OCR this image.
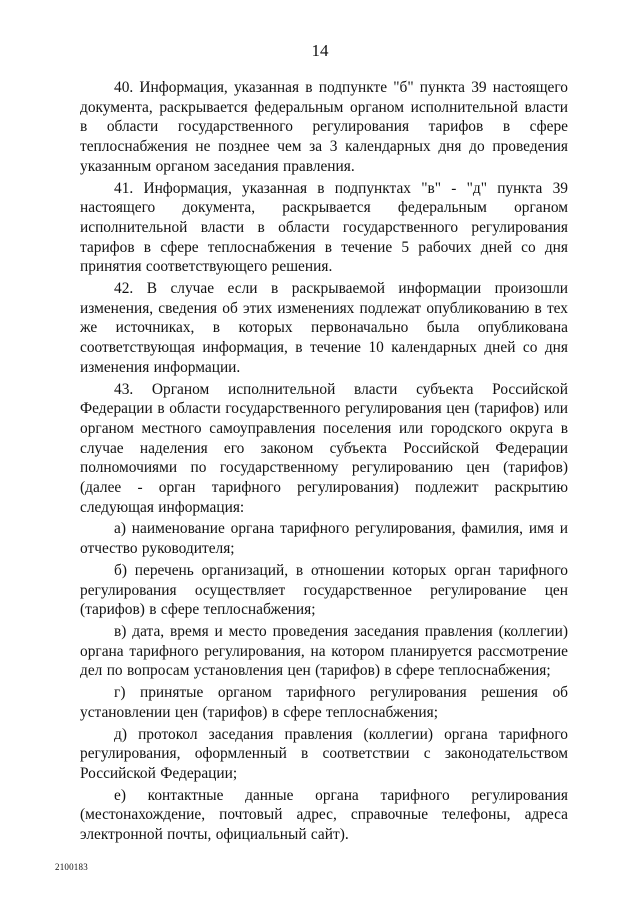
14

40. Информация, указанная в подпункте "б" пункта 39 настоящего документа, раскрывается федеральным органом исполнительной власти в области государственного регулирования тарифов в сфере теплоснабжения не позднее чем за 3 календарных дня до проведения указанным органом заседания правления.

41. Информация, указанная в подпунктах "в" - "д" пункта 39 настоящего документа, раскрывается федеральным органом исполнительной власти в области государственного регулирования тарифов в сфере теплоснабжения в течение 5 рабочих дней со дня принятия соответствующего решения.

42. В случае если в раскрываемой информации произошли изменения, сведения об этих изменениях подлежат опубликованию в тех же источниках, в которых первоначально была опубликована соответствующая информация, в течение 10 календарных дней со дня изменения информации.

43. Органом исполнительной власти субъекта Российской Федерации в области государственного регулирования цен (тарифов) или органом местного самоуправления поселения или городского округа в случае наделения его законом субъекта Российской Федерации полномочиями по государственному регулированию цен (тарифов) (далее - орган тарифного регулирования) подлежит раскрытию следующая информация:

а) наименование органа тарифного регулирования, фамилия, имя и отчество руководителя;

б) перечень организаций, в отношении которых орган тарифного регулирования осуществляет государственное регулирование цен (тарифов) в сфере теплоснабжения;

в) дата, время и место проведения заседания правления (коллегии) органа тарифного регулирования, на котором планируется рассмотрение дел по вопросам установления цен (тарифов) в сфере теплоснабжения;

г) принятые органом тарифного регулирования решения об установлении цен (тарифов) в сфере теплоснабжения;

д) протокол заседания правления (коллегии) органа тарифного регулирования, оформленный в соответствии с законодательством Российской Федерации;

е) контактные данные органа тарифного регулирования (местонахождение, почтовый адрес, справочные телефоны, адреса электронной почты, официальный сайт).

2100183
